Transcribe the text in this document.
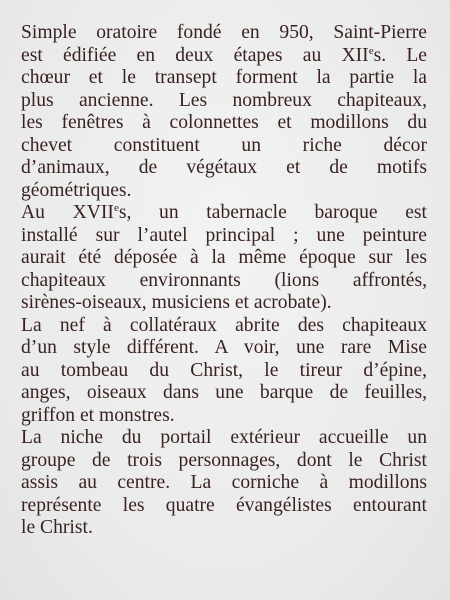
Simple oratoire fondé en 950, Saint-Pierre
est édifiée en deux étapes au XIIes. Le
chœur et le transept forment la partie la
plus ancienne. Les nombreux chapiteaux,
les fenêtres à colonnettes et modillons du
chevet constituent un riche décor
d’animaux, de végétaux et de motifs
géométriques.
Au XVIIes, un tabernacle baroque est
installé sur l’autel principal ; une peinture
aurait été déposée à la même époque sur les
chapiteaux environnants (lions affrontés,
sirènes-oiseaux, musiciens et acrobate).
La nef à collatéraux abrite des chapiteaux
d’un style différent. A voir, une rare Mise
au tombeau du Christ, le tireur d’épine,
anges, oiseaux dans une barque de feuilles,
griffon et monstres.
La niche du portail extérieur accueille un
groupe de trois personnages, dont le Christ
assis au centre. La corniche à modillons
représente les quatre évangélistes entourant
le Christ.
